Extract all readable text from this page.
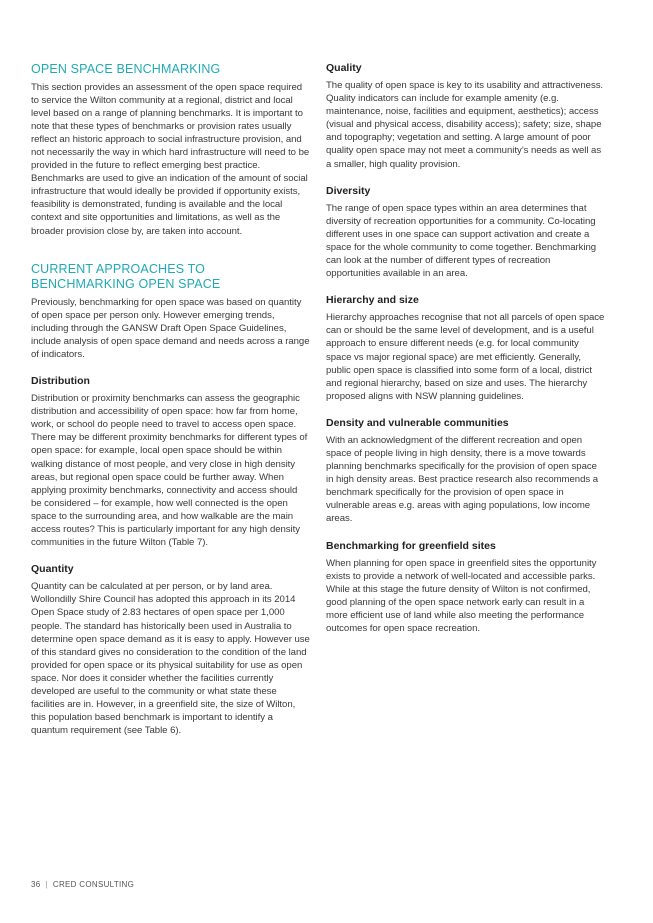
OPEN SPACE BENCHMARKING

This section provides an assessment of the open space required to service the Wilton community at a regional, district and local level based on a range of planning benchmarks. It is important to note that these types of benchmarks or provision rates usually reflect an historic approach to social infrastructure provision, and not necessarily the way in which hard infrastructure will need to be provided in the future to reflect emerging best practice. Benchmarks are used to give an indication of the amount of social infrastructure that would ideally be provided if opportunity exists, feasibility is demonstrated, funding is available and the local context and site opportunities and limitations, as well as the broader provision close by, are taken into account.

CURRENT APPROACHES TO BENCHMARKING OPEN SPACE

Previously, benchmarking for open space was based on quantity of open space per person only. However emerging trends, including through the GANSW Draft Open Space Guidelines, include analysis of open space demand and needs across a range of indicators.

Distribution

Distribution or proximity benchmarks can assess the geographic distribution and accessibility of open space: how far from home, work, or school do people need to travel to access open space. There may be different proximity benchmarks for different types of open space: for example, local open space should be within walking distance of most people, and very close in high density areas, but regional open space could be further away. When applying proximity benchmarks, connectivity and access should be considered – for example, how well connected is the open space to the surrounding area, and how walkable are the main access routes? This is particularly important for any high density communities in the future Wilton (Table 7).

Quantity

Quantity can be calculated at per person, or by land area. Wollondilly Shire Council has adopted this approach in its 2014 Open Space study of 2.83 hectares of open space per 1,000 people. The standard has historically been used in Australia to determine open space demand as it is easy to apply. However use of this standard gives no consideration to the condition of the land provided for open space or its physical suitability for use as open space. Nor does it consider whether the facilities currently developed are useful to the community or what state these facilities are in. However, in a greenfield site, the size of Wilton, this population based benchmark is important to identify a quantum requirement (see Table 6).

Quality

The quality of open space is key to its usability and attractiveness. Quality indicators can include for example amenity (e.g. maintenance, noise, facilities and equipment, aesthetics); access (visual and physical access, disability access); safety; size, shape and topography; vegetation and setting. A large amount of poor quality open space may not meet a community’s needs as well as a smaller, high quality provision.

Diversity

The range of open space types within an area determines that diversity of recreation opportunities for a community. Co-locating different uses in one space can support activation and create a space for the whole community to come together. Benchmarking can look at the number of different types of recreation opportunities available in an area.

Hierarchy and size

Hierarchy approaches recognise that not all parcels of open space can or should be the same level of development, and is a useful approach to ensure different needs (e.g. for local community space vs major regional space) are met efficiently. Generally, public open space is classified into some form of a local, district and regional hierarchy, based on size and uses. The hierarchy proposed aligns with NSW planning guidelines.

Density and vulnerable communities

With an acknowledgment of the different recreation and open space of people living in high density, there is a move towards planning benchmarks specifically for the provision of open space in high density areas. Best practice research also recommends a benchmark specifically for the provision of open space in vulnerable areas e.g. areas with aging populations, low income areas.

Benchmarking for greenfield sites

When planning for open space in greenfield sites the opportunity exists to provide a network of well-located and accessible parks. While at this stage the future density of Wilton is not confirmed, good planning of the open space network early can result in a more efficient use of land while also meeting the performance outcomes for open space recreation.

36 | CRED CONSULTING
